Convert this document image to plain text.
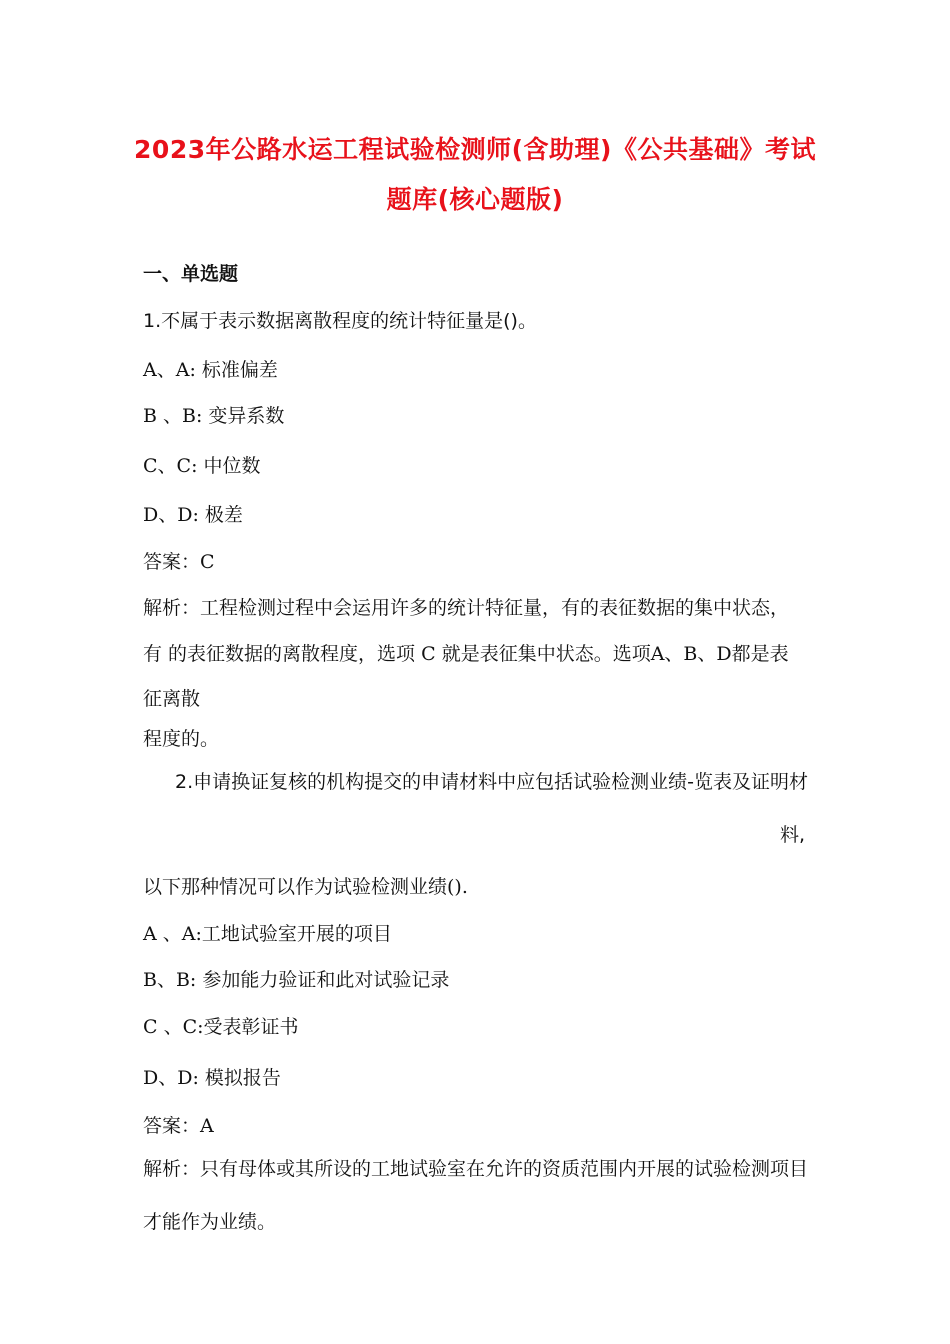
2023年公路水运工程试验检测师(含助理)《公共基础》考试
题库(核心题版)
一、单选题
1.不属于表示数据离散程度的统计特征量是()。
A、A: 标准偏差
B 、B: 变异系数
C、C: 中位数
D、D: 极差
答案：C
解析：工程检测过程中会运用许多的统计特征量，有的表征数据的集中状态，
有 的表征数据的离散程度，选项 C 就是表征集中状态。选项A、B、D都是表
征离散
程度的。
2.申请换证复核的机构提交的申请材料中应包括试验检测业绩-览表及证明材
料,
以下那种情况可以作为试验检测业绩().
A 、A:工地试验室开展的项目
B、B: 参加能力验证和此对试验记录
C 、C:受表彰证书
D、D: 模拟报告
答案：A
解析：只有母体或其所设的工地试验室在允许的资质范围内开展的试验检测项目
才能作为业绩。
